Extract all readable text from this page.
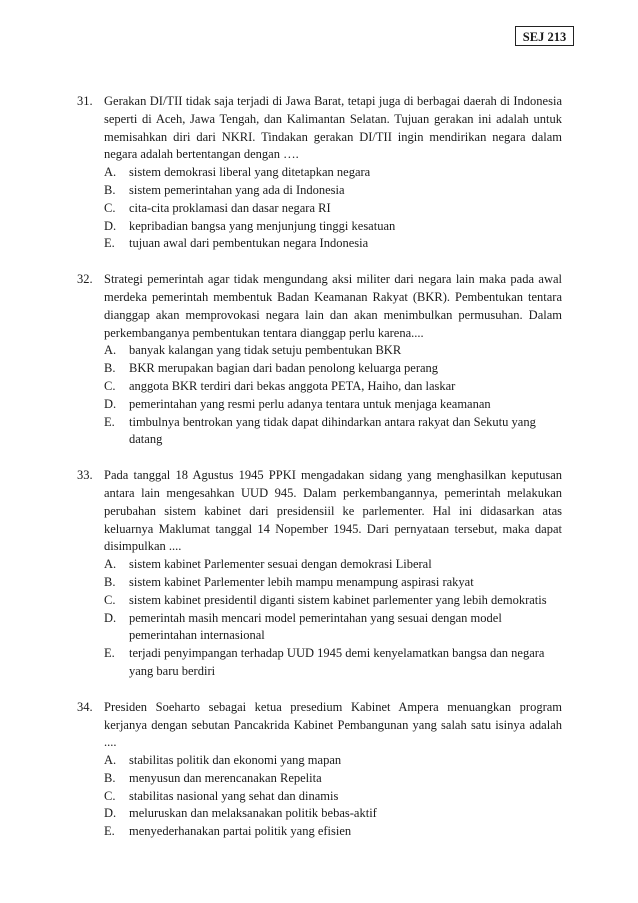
SEJ 213
31. Gerakan DI/TII tidak saja terjadi di Jawa Barat, tetapi juga di berbagai daerah di Indonesia seperti di Aceh, Jawa Tengah, dan Kalimantan Selatan. Tujuan gerakan ini adalah untuk memisahkan diri dari NKRI. Tindakan gerakan DI/TII ingin mendirikan negara dalam negara adalah bertentangan dengan ….

A. sistem demokrasi liberal yang ditetapkan negara
B. sistem pemerintahan yang ada di Indonesia
C. cita-cita proklamasi dan dasar negara RI
D. kepribadian bangsa yang menjunjung tinggi kesatuan
E. tujuan awal dari pembentukan negara Indonesia
32. Strategi pemerintah agar tidak mengundang aksi militer dari negara lain maka pada awal merdeka pemerintah membentuk Badan Keamanan Rakyat (BKR). Pembentukan tentara dianggap akan memprovokasi negara lain dan akan menimbulkan permusuhan. Dalam perkembanganya pembentukan tentara dianggap perlu karena....

A. banyak kalangan yang tidak setuju pembentukan BKR
B. BKR merupakan bagian dari badan penolong keluarga perang
C. anggota BKR terdiri dari bekas anggota PETA, Haiho, dan laskar
D. pemerintahan yang resmi perlu adanya tentara untuk menjaga keamanan
E. timbulnya bentrokan yang tidak dapat dihindarkan antara rakyat dan Sekutu yang datang
33. Pada tanggal 18 Agustus 1945 PPKI mengadakan sidang yang menghasilkan keputusan antara lain mengesahkan UUD 945. Dalam perkembangannya, pemerintah melakukan perubahan sistem kabinet dari presidensiil ke parlementer. Hal ini didasarkan atas keluarnya Maklumat tanggal 14 Nopember 1945. Dari pernyataan tersebut, maka dapat disimpulkan ....

A. sistem kabinet Parlementer sesuai dengan demokrasi Liberal
B. sistem kabinet Parlementer lebih mampu menampung aspirasi rakyat
C. sistem kabinet presidentil diganti sistem kabinet parlementer yang lebih demokratis
D. pemerintah masih mencari model pemerintahan yang sesuai dengan model pemerintahan internasional
E. terjadi penyimpangan terhadap UUD 1945 demi kenyelamatkan bangsa dan negara yang baru berdiri
34. Presiden Soeharto sebagai ketua presedium Kabinet Ampera menuangkan program kerjanya dengan sebutan Pancakrida Kabinet Pembangunan yang salah satu isinya adalah ....

A. stabilitas politik dan ekonomi yang mapan
B. menyusun dan merencanakan Repelita
C. stabilitas nasional yang sehat dan dinamis
D. meluruskan dan melaksanakan politik bebas-aktif
E. menyederhanakan partai politik yang efisien
